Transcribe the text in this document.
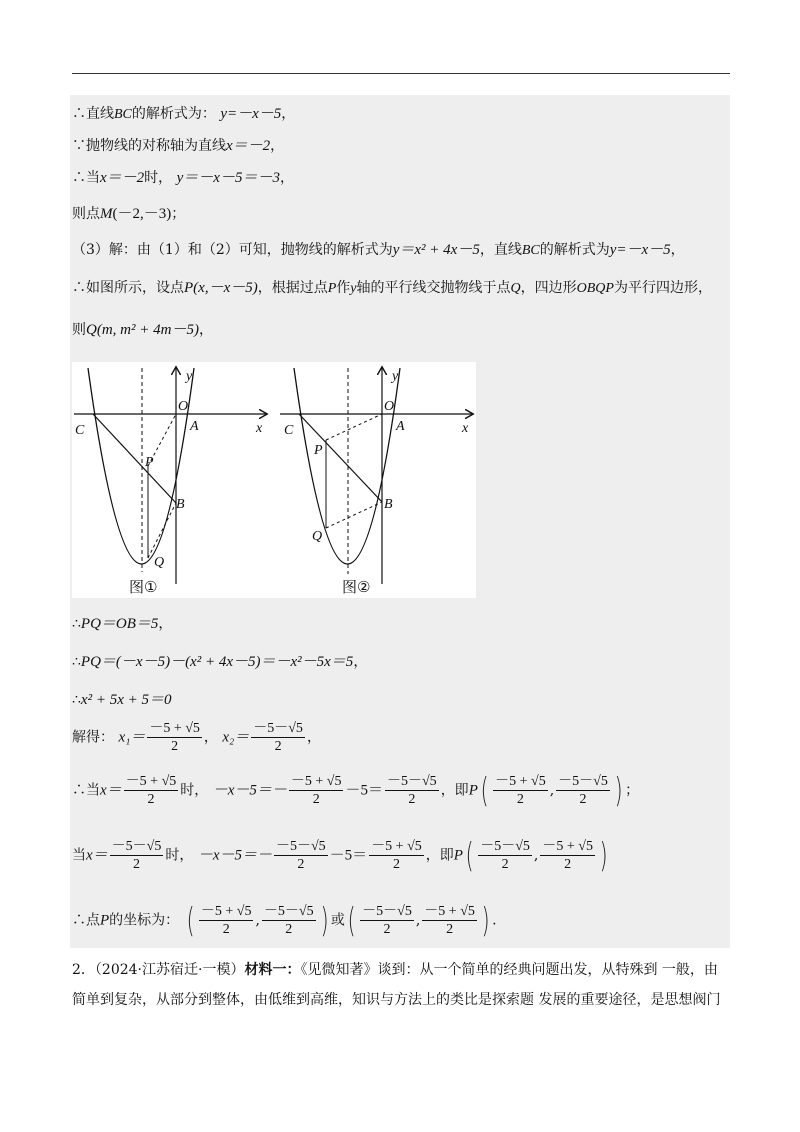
∴直线BC的解析式为： y=－x－5，
∵抛物线的对称轴为直线x＝－2，
∴当x＝－2时， y＝－x－5＝－3，
则点M(－2,－3)；
（3）解：由（1）和（2）可知，抛物线的解析式为y＝x² + 4x－5，直线BC的解析式为y=－x－5，
∴如图所示，设点P(x,－x－5)，根据过点P作y轴的平行线交抛物线于点Q，四边形OBQP为平行四边形，
则Q(m, m² + 4m－5)，
y
x
O
A
C
P
B
Q
图①
y
x
O
A
C
P
B
Q
图②
∴PQ＝OB＝5，
∴PQ＝(－x－5)－(x² + 4x－5)＝－x²－5x＝5，
∴x² + 5x + 5＝0
解得： $x_1= \frac{-5 + √5}{2}$ ， $x_2= \frac{-5-√5}{2}$ ，
∴当$x= \frac{-5 + √5}{2}$ 时， $-x-5=- \frac{-5 + √5}{2} -5= \frac{-5-√5}{2}$ ，即$P( \frac{-5 + √5}{2}$ , $\frac{-5-√5}{2}$ ) ；
当$x= \frac{-5-√5}{2}$ 时， $-x-5=- \frac{-5-√5}{2} -5= \frac{-5 + √5}{2}$ ，即$P( \frac{-5-√5}{2}$ , $\frac{-5 + √5}{2}$ )
∴点P的坐标为： ( $\frac{-5 + √5}{2}$ , $\frac{-5-√5}{2}$ ) 或( $\frac{-5-√5}{2}$ , $\frac{-5 + √5}{2}$ ) .
2．（2024·江苏宿迁·一模）材料一：《见微知著》谈到：从一个简单的经典问题出发，从特殊到 一般，由
简单到复杂，从部分到整体，由低维到高维，知识与方法上的类比是探索题 发展的重要途径，是思想阀门
